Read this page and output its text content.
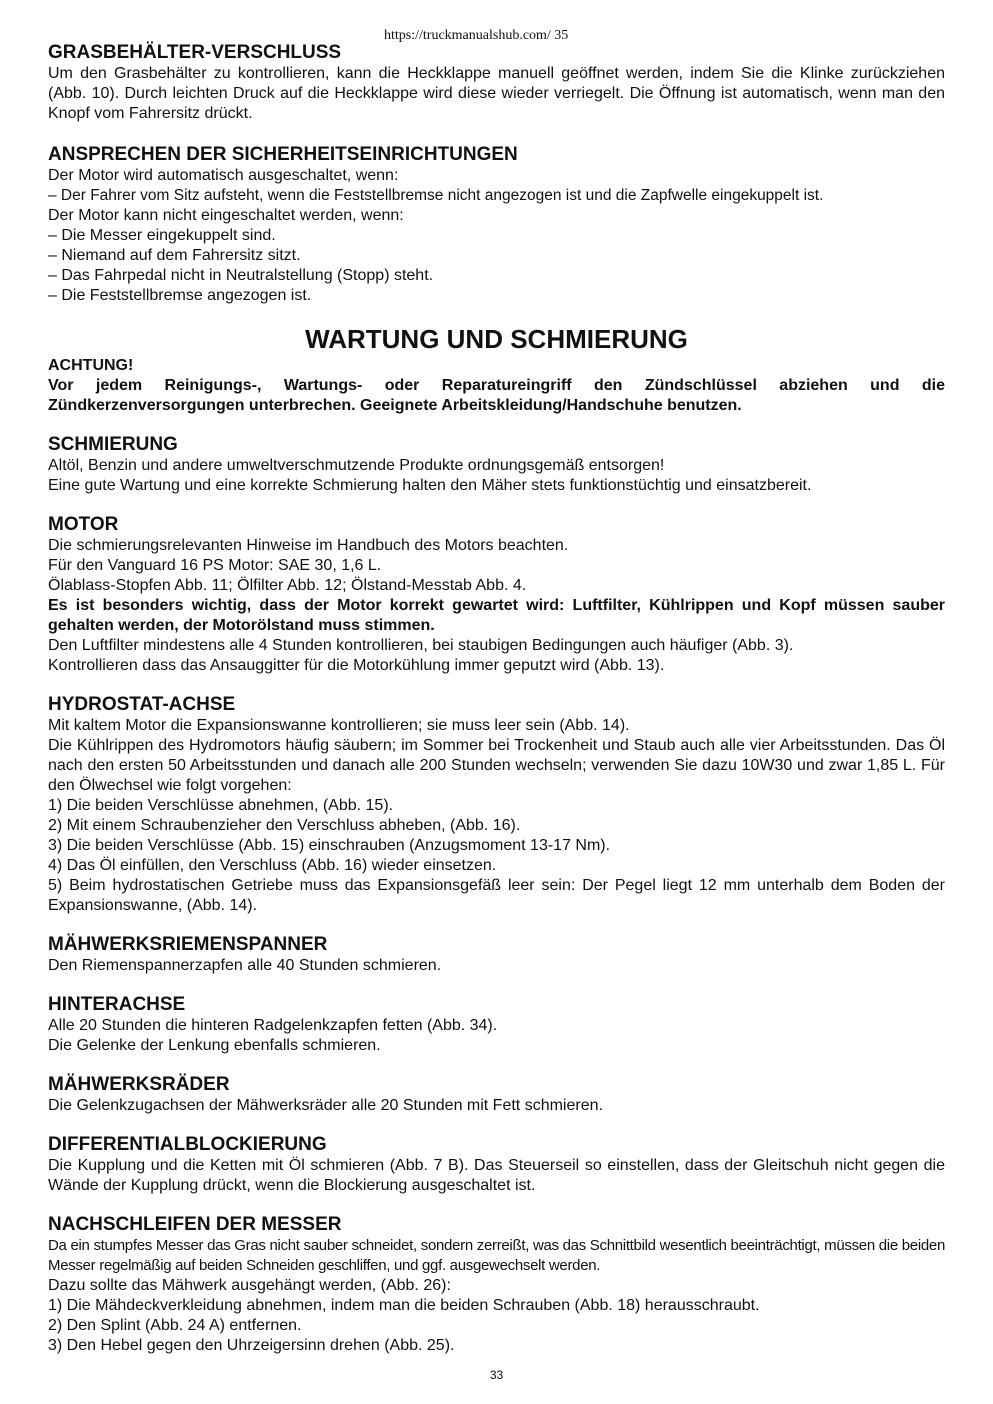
https://truckmanualshub.com/ 35
GRASBEHÄLTER-VERSCHLUSS

Um den Grasbehälter zu kontrollieren, kann die Heckklappe manuell geöffnet werden, indem Sie die Klinke zurückziehen (Abb. 10). Durch leichten Druck auf die Heckklappe wird diese wieder verriegelt. Die Öffnung ist automatisch, wenn man den Knopf vom Fahrersitz drückt.

ANSPRECHEN DER SICHERHEITSEINRICHTUNGEN

Der Motor wird automatisch ausgeschaltet, wenn:

– Der Fahrer vom Sitz aufsteht, wenn die Feststellbremse nicht angezogen ist und die Zapfwelle eingekuppelt ist.

Der Motor kann nicht eingeschaltet werden, wenn:

– Die Messer eingekuppelt sind.

– Niemand auf dem Fahrersitz sitzt.

– Das Fahrpedal nicht in Neutralstellung (Stopp) steht.

– Die Feststellbremse angezogen ist.

WARTUNG UND SCHMIERUNG

ACHTUNG!

Vor jedem Reinigungs-, Wartungs- oder Reparatureingriff den Zündschlüssel abziehen und die Zündkerzenversorgungen unterbrechen. Geeignete Arbeitskleidung/Handschuhe benutzen.

SCHMIERUNG

Altöl, Benzin und andere umweltverschmutzende Produkte ordnungsgemäß entsorgen!

Eine gute Wartung und eine korrekte Schmierung halten den Mäher stets funktionstüchtig und einsatzbereit.

MOTOR

Die schmierungsrelevanten Hinweise im Handbuch des Motors beachten.

Für den Vanguard 16 PS Motor: SAE 30, 1,6 L.

Ölablass-Stopfen Abb. 11; Ölfilter Abb. 12; Ölstand-Messtab Abb. 4.

Es ist besonders wichtig, dass der Motor korrekt gewartet wird: Luftfilter, Kühlrippen und Kopf müssen sauber gehalten werden, der Motorölstand muss stimmen.

Den Luftfilter mindestens alle 4 Stunden kontrollieren, bei staubigen Bedingungen auch häufiger (Abb. 3).

Kontrollieren dass das Ansauggitter für die Motorkühlung immer geputzt wird (Abb. 13).

HYDROSTAT-ACHSE

Mit kaltem Motor die Expansionswanne kontrollieren; sie muss leer sein (Abb. 14).

Die Kühlrippen des Hydromotors häufig säubern; im Sommer bei Trockenheit und Staub auch alle vier Arbeitsstunden. Das Öl nach den ersten 50 Arbeitsstunden und danach alle 200 Stunden wechseln; verwenden Sie dazu 10W30 und zwar 1,85 L. Für den Ölwechsel wie folgt vorgehen:

1) Die beiden Verschlüsse abnehmen, (Abb. 15).

2) Mit einem Schraubenzieher den Verschluss abheben, (Abb. 16).

3) Die beiden Verschlüsse (Abb. 15) einschrauben (Anzugsmoment 13-17 Nm).

4) Das Öl einfüllen, den Verschluss (Abb. 16) wieder einsetzen.

5) Beim hydrostatischen Getriebe muss das Expansionsgefäß leer sein: Der Pegel liegt 12 mm unterhalb dem Boden der Expansionswanne, (Abb. 14).

MÄHWERKSRIEMENSPANNER

Den Riemenspannerzapfen alle 40 Stunden schmieren.

HINTERACHSE

Alle 20 Stunden die hinteren Radgelenkzapfen fetten (Abb. 34).

Die Gelenke der Lenkung ebenfalls schmieren.

MÄHWERKSRÄDER

Die Gelenkzugachsen der Mähwerksräder alle 20 Stunden mit Fett schmieren.

DIFFERENTIALBLOCKIERUNG

Die Kupplung und die Ketten mit Öl schmieren (Abb. 7 B). Das Steuerseil so einstellen, dass der Gleitschuh nicht gegen die Wände der Kupplung drückt, wenn die Blockierung ausgeschaltet ist.

NACHSCHLEIFEN DER MESSER

Da ein stumpfes Messer das Gras nicht sauber schneidet, sondern zerreißt, was das Schnittbild wesentlich beeinträchtigt, müssen die beiden Messer regelmäßig auf beiden Schneiden geschliffen, und ggf. ausgewechselt werden.

Dazu sollte das Mähwerk ausgehängt werden, (Abb. 26):

1) Die Mähdeckverkleidung abnehmen, indem man die beiden Schrauben (Abb. 18) herausschraubt.

2) Den Splint (Abb. 24 A) entfernen.

3) Den Hebel gegen den Uhrzeigersinn drehen (Abb. 25).

33
